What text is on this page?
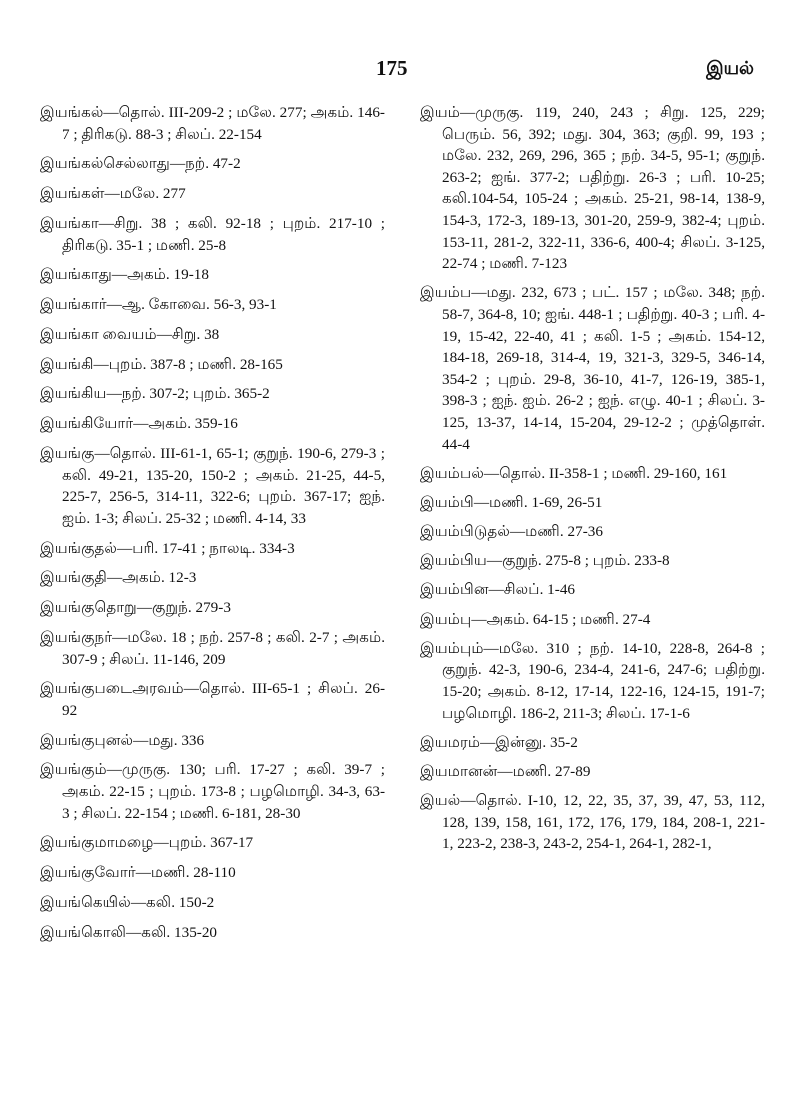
175	இயல்

இயங்கல்—தொல். III-209-2 ; மலே. 277; அகம். 146-7 ; திரிகடு. 88-3 ; சிலப். 22-154

இயங்கல்செல்லாது—நற். 47-2

இயங்கள்—மலே. 277

இயங்கா—சிறு. 38 ; கலி. 92-18 ; புறம். 217-10 ; திரிகடு. 35-1 ; மணி. 25-8

இயங்காது—அகம். 19-18

இயங்கார்—ஆ. கோவை. 56-3, 93-1

இயங்கா வையம்—சிறு. 38

இயங்கி—புறம். 387-8 ; மணி. 28-165

இயங்கிய—நற். 307-2; புறம். 365-2

இயங்கியோர்—அகம். 359-16

இயங்கு—தொல். III-61-1, 65-1; குறுந். 190-6, 279-3 ; கலி. 49-21, 135-20, 150-2 ; அகம். 21-25, 44-5, 225-7, 256-5, 314-11, 322-6; புறம். 367-17; ஐந். ஐம். 1-3; சிலப். 25-32 ; மணி. 4-14, 33

இயங்குதல்—பரி. 17-41 ; நாலடி. 334-3

இயங்குதி—அகம். 12-3

இயங்குதொறு—குறுந். 279-3

இயங்குநர்—மலே. 18 ; நற். 257-8 ; கலி. 2-7 ; அகம். 307-9 ; சிலப். 11-146, 209

இயங்குபடைஅரவம்—தொல். III-65-1 ; சிலப். 26-92

இயங்குபுனல்—மது. 336

இயங்கும்—முருகு. 130; பரி. 17-27 ; கலி. 39-7 ; அகம். 22-15 ; புறம். 173-8 ; பழமொழி. 34-3, 63-3 ; சிலப். 22-154 ; மணி. 6-181, 28-30

இயங்குமாமழை—புறம். 367-17

இயங்குவோர்—மணி. 28-110

இயங்கெயில்—கலி. 150-2

இயங்கொலி—கலி. 135-20

இயம்—முருகு. 119, 240, 243 ; சிறு. 125, 229; பெரும். 56, 392; மது. 304, 363; குறி. 99, 193 ; மலே. 232, 269, 296, 365 ; நற். 34-5, 95-1; குறுந். 263-2; ஐங். 377-2; பதிற்று. 26-3 ; பரி. 10-25; கலி.104-54, 105-24 ; அகம். 25-21, 98-14, 138-9, 154-3, 172-3, 189-13, 301-20, 259-9, 382-4; புறம். 153-11, 281-2, 322-11, 336-6, 400-4; சிலப். 3-125, 22-74 ; மணி. 7-123

இயம்ப—மது. 232, 673 ; பட். 157 ; மலே. 348; நற். 58-7, 364-8, 10; ஐங். 448-1 ; பதிற்று. 40-3 ; பரி. 4-19, 15-42, 22-40, 41 ; கலி. 1-5 ; அகம். 154-12, 184-18, 269-18, 314-4, 19, 321-3, 329-5, 346-14, 354-2 ; புறம். 29-8, 36-10, 41-7, 126-19, 385-1, 398-3 ; ஐந். ஐம். 26-2 ; ஐந். எழு. 40-1 ; சிலப். 3-125, 13-37, 14-14, 15-204, 29-12-2 ; முத்தொள். 44-4

இயம்பல்—தொல். II-358-1 ; மணி. 29-160, 161

இயம்பி—மணி. 1-69, 26-51

இயம்பிடுதல்—மணி. 27-36

இயம்பிய—குறுந். 275-8 ; புறம். 233-8

இயம்பின—சிலப். 1-46

இயம்பு—அகம். 64-15 ; மணி. 27-4

இயம்பும்—மலே. 310 ; நற். 14-10, 228-8, 264-8 ; குறுந். 42-3, 190-6, 234-4, 241-6, 247-6; பதிற்று. 15-20; அகம். 8-12, 17-14, 122-16, 124-15, 191-7; பழமொழி. 186-2, 211-3; சிலப். 17-1-6

இயமரம்—இன்னு. 35-2

இயமானன்—மணி. 27-89

இயல்—தொல். I-10, 12, 22, 35, 37, 39, 47, 53, 112, 128, 139, 158, 161, 172, 176, 179, 184, 208-1, 221-1, 223-2, 238-3, 243-2, 254-1, 264-1, 282-1,
